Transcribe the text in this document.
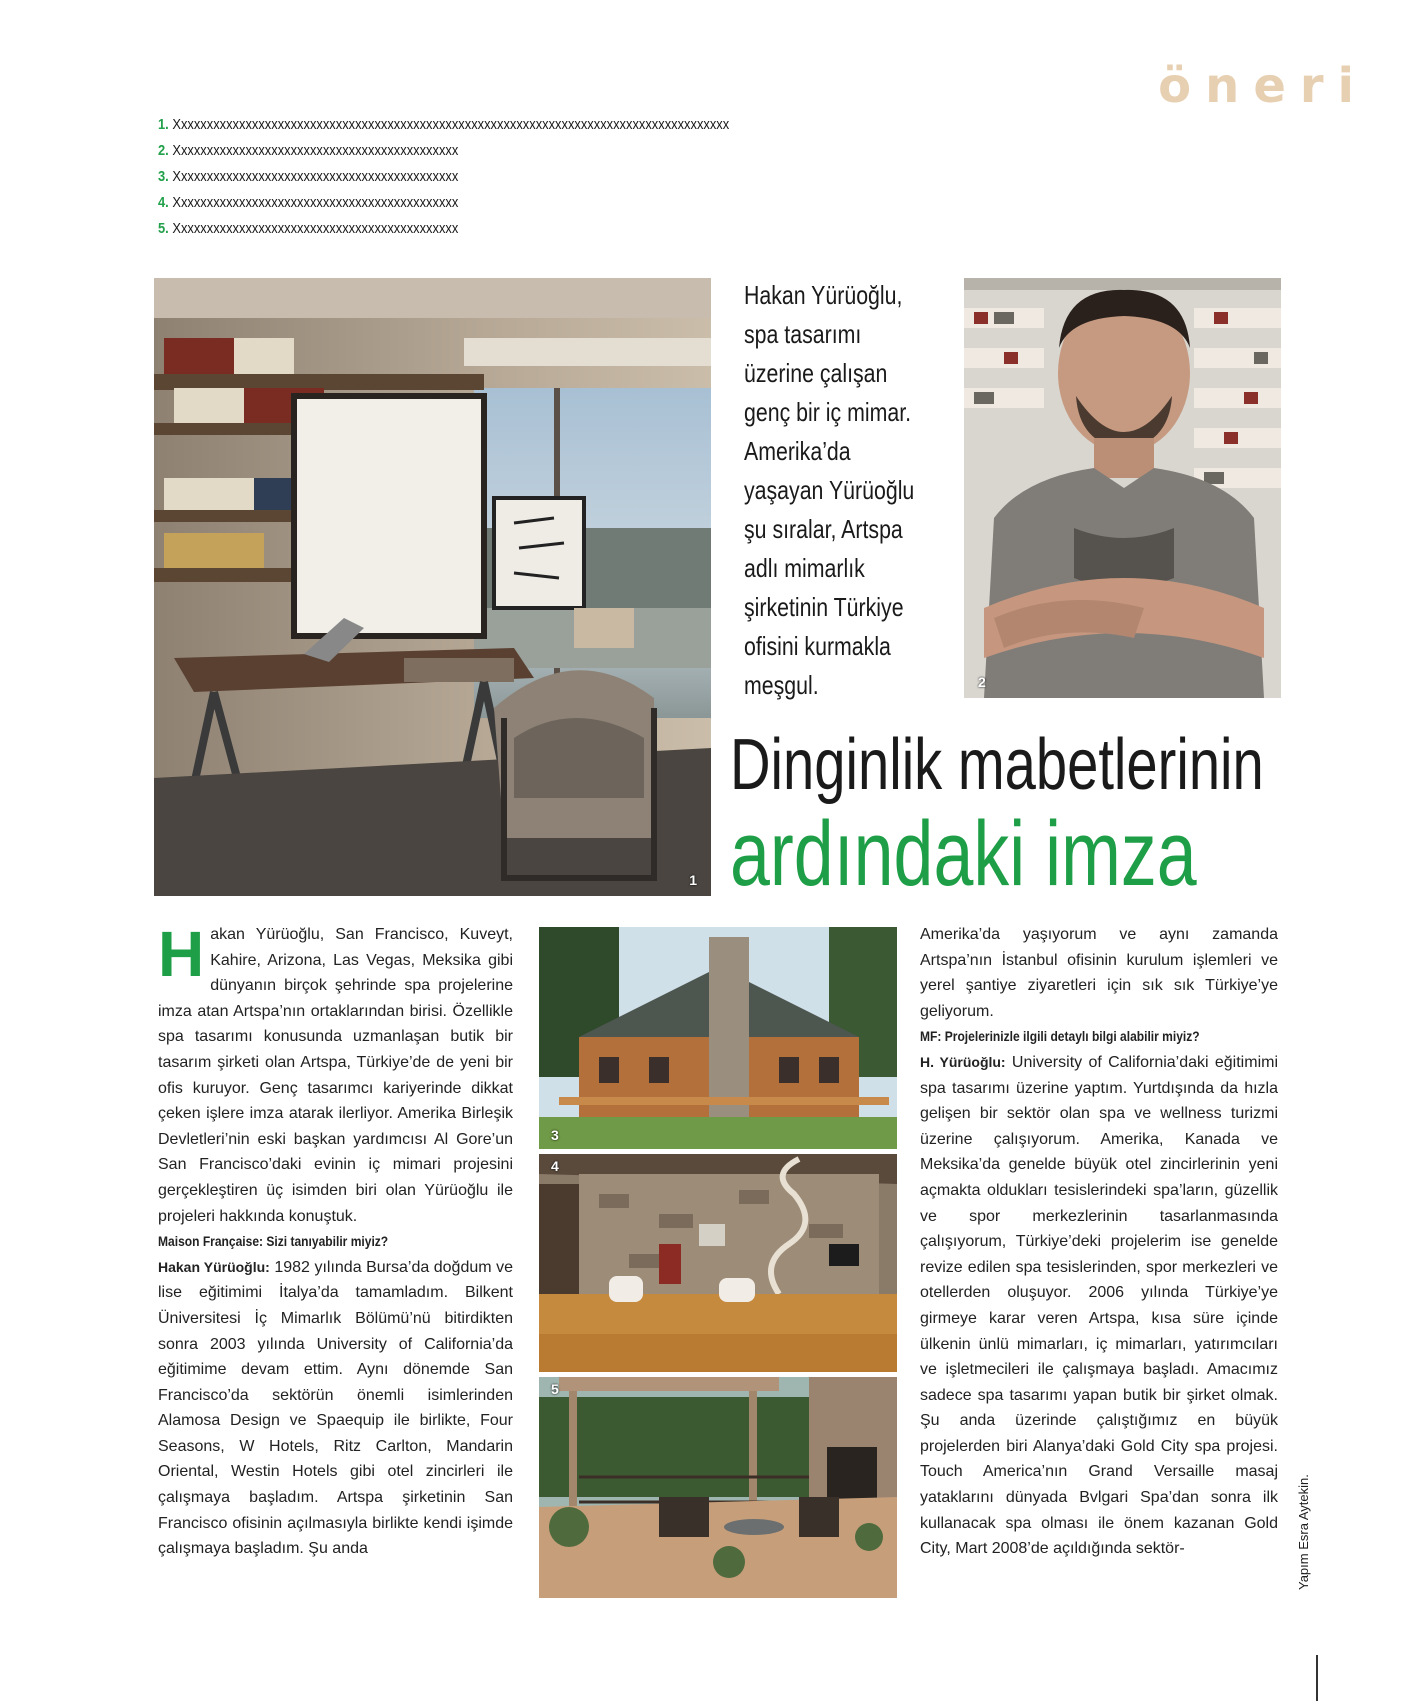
öneri
1. Xxxxxxxxxxxxxxxxxxxxxxxxxxxxxxxxxxxxxxxxxxxxxxxxxxxxxxxxxxxxxxxxxxxxxxxxxxxxxxxxxxxxxx
2. Xxxxxxxxxxxxxxxxxxxxxxxxxxxxxxxxxxxxxxxxxxxx
3. Xxxxxxxxxxxxxxxxxxxxxxxxxxxxxxxxxxxxxxxxxxxx
4. Xxxxxxxxxxxxxxxxxxxxxxxxxxxxxxxxxxxxxxxxxxxx
5. Xxxxxxxxxxxxxxxxxxxxxxxxxxxxxxxxxxxxxxxxxxxx
1
Hakan Yürüoğlu,
spa tasarımı
üzerine çalışan
genç bir iç mimar.
Amerika’da
yaşayan Yürüoğlu
şu sıralar, Artspa
adlı mimarlık
şirketinin Türkiye
ofisini kurmakla
meşgul.	2
Dinginlik mabetlerinin
ardındaki imza

Hakan Yürüoğlu, San Francisco, Kuveyt, Kahire, Arizona, Las Vegas, Meksika gibi dünyanın birçok şehrinde spa projelerine imza atan Artspa’nın ortaklarından birisi. Özellikle spa tasarımı konusunda uzmanlaşan butik bir tasarım şirketi olan Artspa, Türkiye’de de yeni bir ofis kuruyor. Genç tasarımcı kariyerinde dikkat çeken işlere imza atarak ilerliyor. Amerika Birleşik Devletleri’nin eski başkan yardımcısı Al Gore’un San Francisco’daki evinin iç mimari projesini gerçekleştiren üç isimden biri olan Yürüoğlu ile projeleri hakkında konuştuk.

Maison Française: Sizi tanıyabilir miyiz?

Hakan Yürüoğlu: 1982 yılında Bursa’da doğdum ve lise eğitimimi İtalya’da tamamladım. Bilkent Üniversitesi İç Mimarlık Bölümü’nü bitirdikten sonra 2003 yılında University of California’da eğitimime devam ettim. Aynı dönemde San Francisco’da sektörün önemli isimlerinden Alamosa Design ve Spaequip ile birlikte, Four Seasons, W Hotels, Ritz Carlton, Mandarin Oriental, Westin Hotels gibi otel zincirleri ile çalışmaya başladım. Artspa şirketinin San Francisco ofisinin açılmasıyla birlikte kendi işimde çalışmaya başladım. Şu anda

3
4
5

Amerika’da yaşıyorum ve aynı zamanda Artspa’nın İstanbul ofisinin kurulum işlemleri ve yerel şantiye ziyaretleri için sık sık Türkiye’ye geliyorum.

MF: Projelerinizle ilgili detaylı bilgi alabilir miyiz?

H. Yürüoğlu: University of California’daki eğitimimi spa tasarımı üzerine yaptım. Yurtdışında da hızla gelişen bir sektör olan spa ve wellness turizmi üzerine çalışıyorum. Amerika, Kanada ve Meksika’da genelde büyük otel zincirlerinin yeni açmakta oldukları tesislerindeki spa’ların, güzellik ve spor merkezlerinin tasarlanmasında çalışıyorum, Türkiye’deki projelerim ise genelde revize edilen spa tesislerinden, spor merkezleri ve otellerden oluşuyor. 2006 yılında Türkiye’ye girmeye karar veren Artspa, kısa süre içinde ülkenin ünlü mimarları, iç mimarları, yatırımcıları ve işletmecileri ile çalışmaya başladı. Amacımız sadece spa tasarımı yapan butik bir şirket olmak. Şu anda üzerinde çalıştığımız en büyük projelerden biri Alanya’daki Gold City spa projesi. Touch America’nın Grand Versaille masaj yataklarını dünyada Bvlgari Spa’dan sonra ilk kullanacak spa olması ile önem kazanan Gold City, Mart 2008’de açıldığında sektör-	Yapım Esra Aytekin.
